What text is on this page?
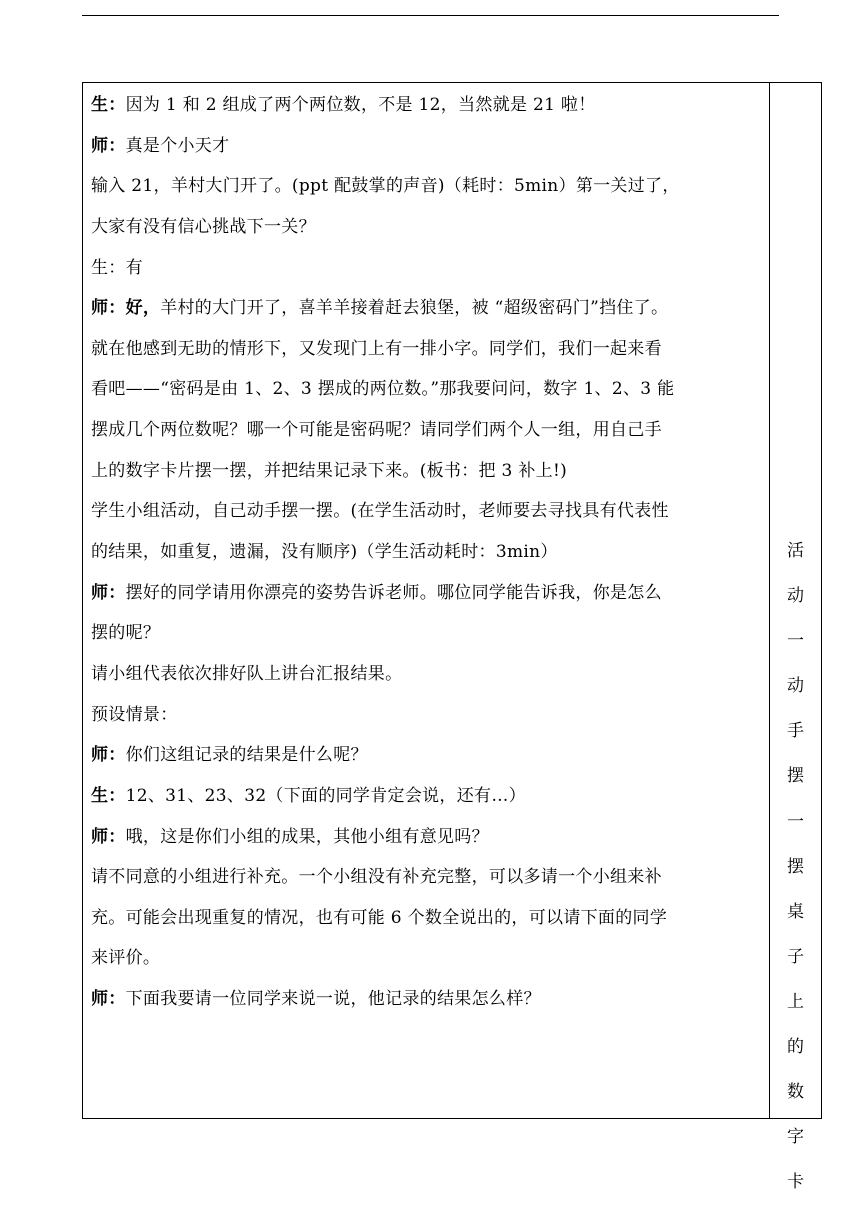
生：因为 1 和 2 组成了两个两位数，不是 12，当然就是 21 啦！
师：真是个小天才
输入 21，羊村大门开了。(ppt 配鼓掌的声音)（耗时：5min）第一关过了，
大家有没有信心挑战下一关？
生：有
师：好，羊村的大门开了，喜羊羊接着赶去狼堡，被 “超级密码门”挡住了。
就在他感到无助的情形下，又发现门上有一排小字。同学们，我们一起来看
看吧——“密码是由 1、2、3 摆成的两位数。”那我要问问，数字 1、2、3 能
摆成几个两位数呢？哪一个可能是密码呢？请同学们两个人一组，用自己手
上的数字卡片摆一摆，并把结果记录下来。(板书：把 3 补上!)
学生小组活动，自己动手摆一摆。(在学生活动时，老师要去寻找具有代表性
的结果，如重复，遗漏，没有顺序)（学生活动耗时：3min）
师：摆好的同学请用你漂亮的姿势告诉老师。哪位同学能告诉我，你是怎么
摆的呢？
请小组代表依次排好队上讲台汇报结果。
预设情景：
师：你们这组记录的结果是什么呢？
生：12、31、23、32（下面的同学肯定会说，还有…）
师：哦，这是你们小组的成果，其他小组有意见吗？
请不同意的小组进行补充。一个小组没有补充完整，可以多请一个小组来补
充。可能会出现重复的情况，也有可能 6 个数全说出的，可以请下面的同学
来评价。
师：下面我要请一位同学来说一说，他记录的结果怎么样？
活
动
一
动
手
摆
一
摆
桌
子
上
的
数
字
卡
